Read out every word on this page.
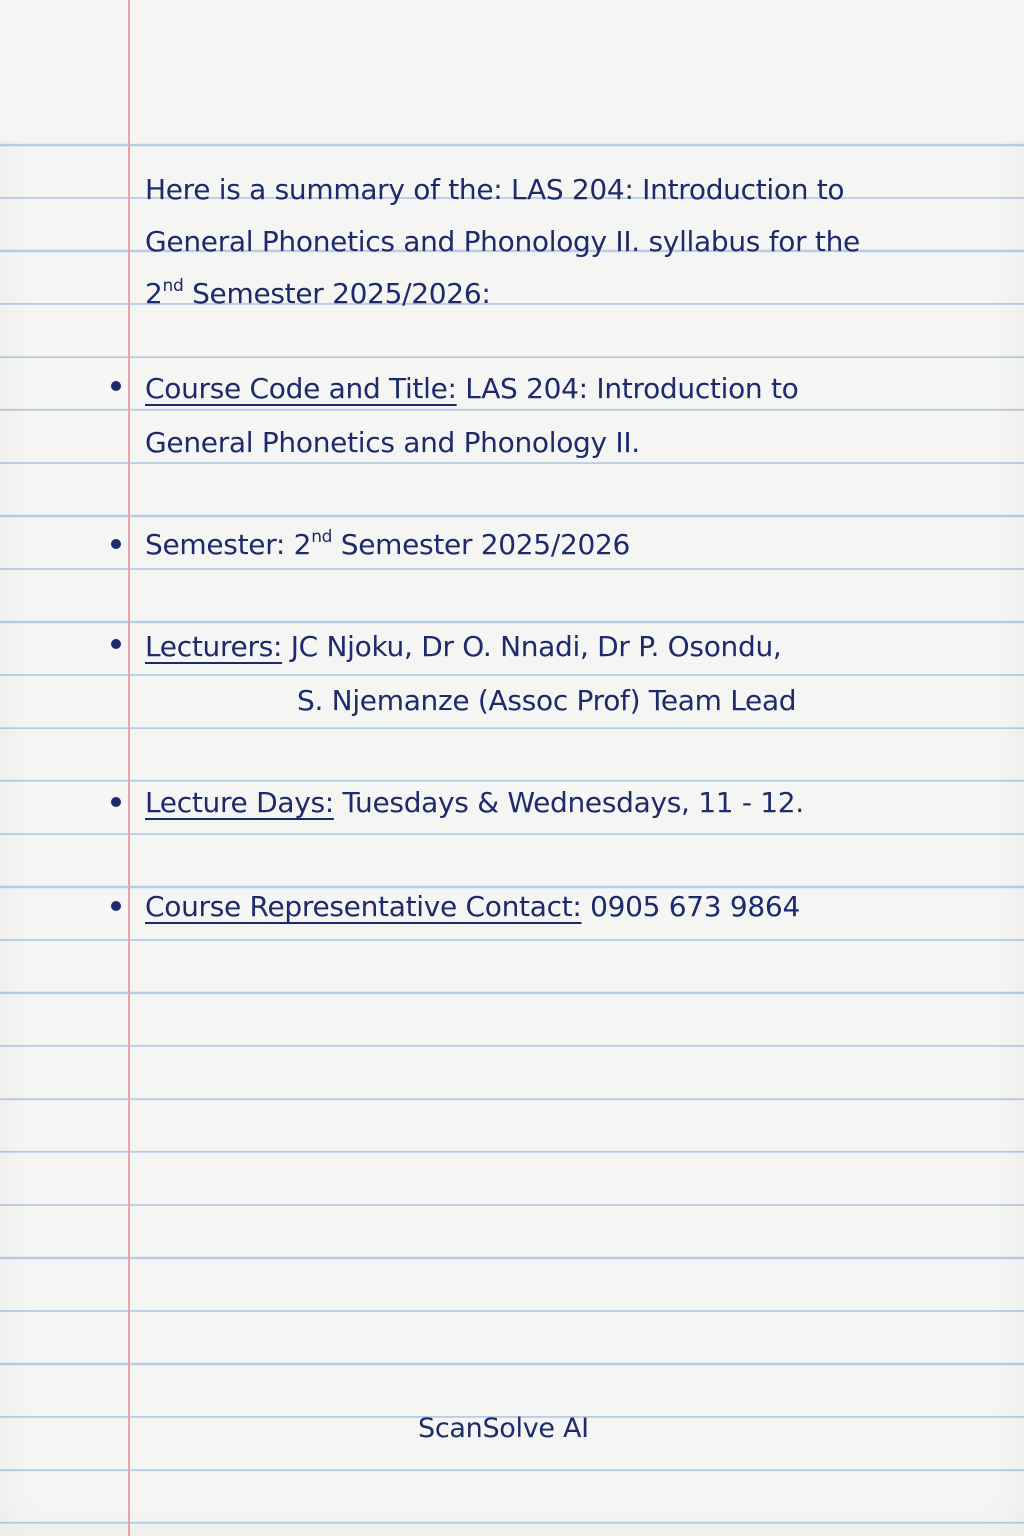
Here is a summary of the: LAS 204: Introduction to General Phonetics and Phonology II. syllabus for the 2nd Semester 2025/2026:
Course Code and Title: LAS 204: Introduction to
General Phonetics and Phonology II.
Semester: 2nd Semester 2025/2026
Lecturers: JC Njoku, Dr O. Nnadi, Dr P. Osondu,
S. Njemanze (Assoc Prof) Team Lead
Lecture Days: Tuesdays & Wednesdays, 11 - 12.
Course Representative Contact: 0905 673 9864
ScanSolve AI
